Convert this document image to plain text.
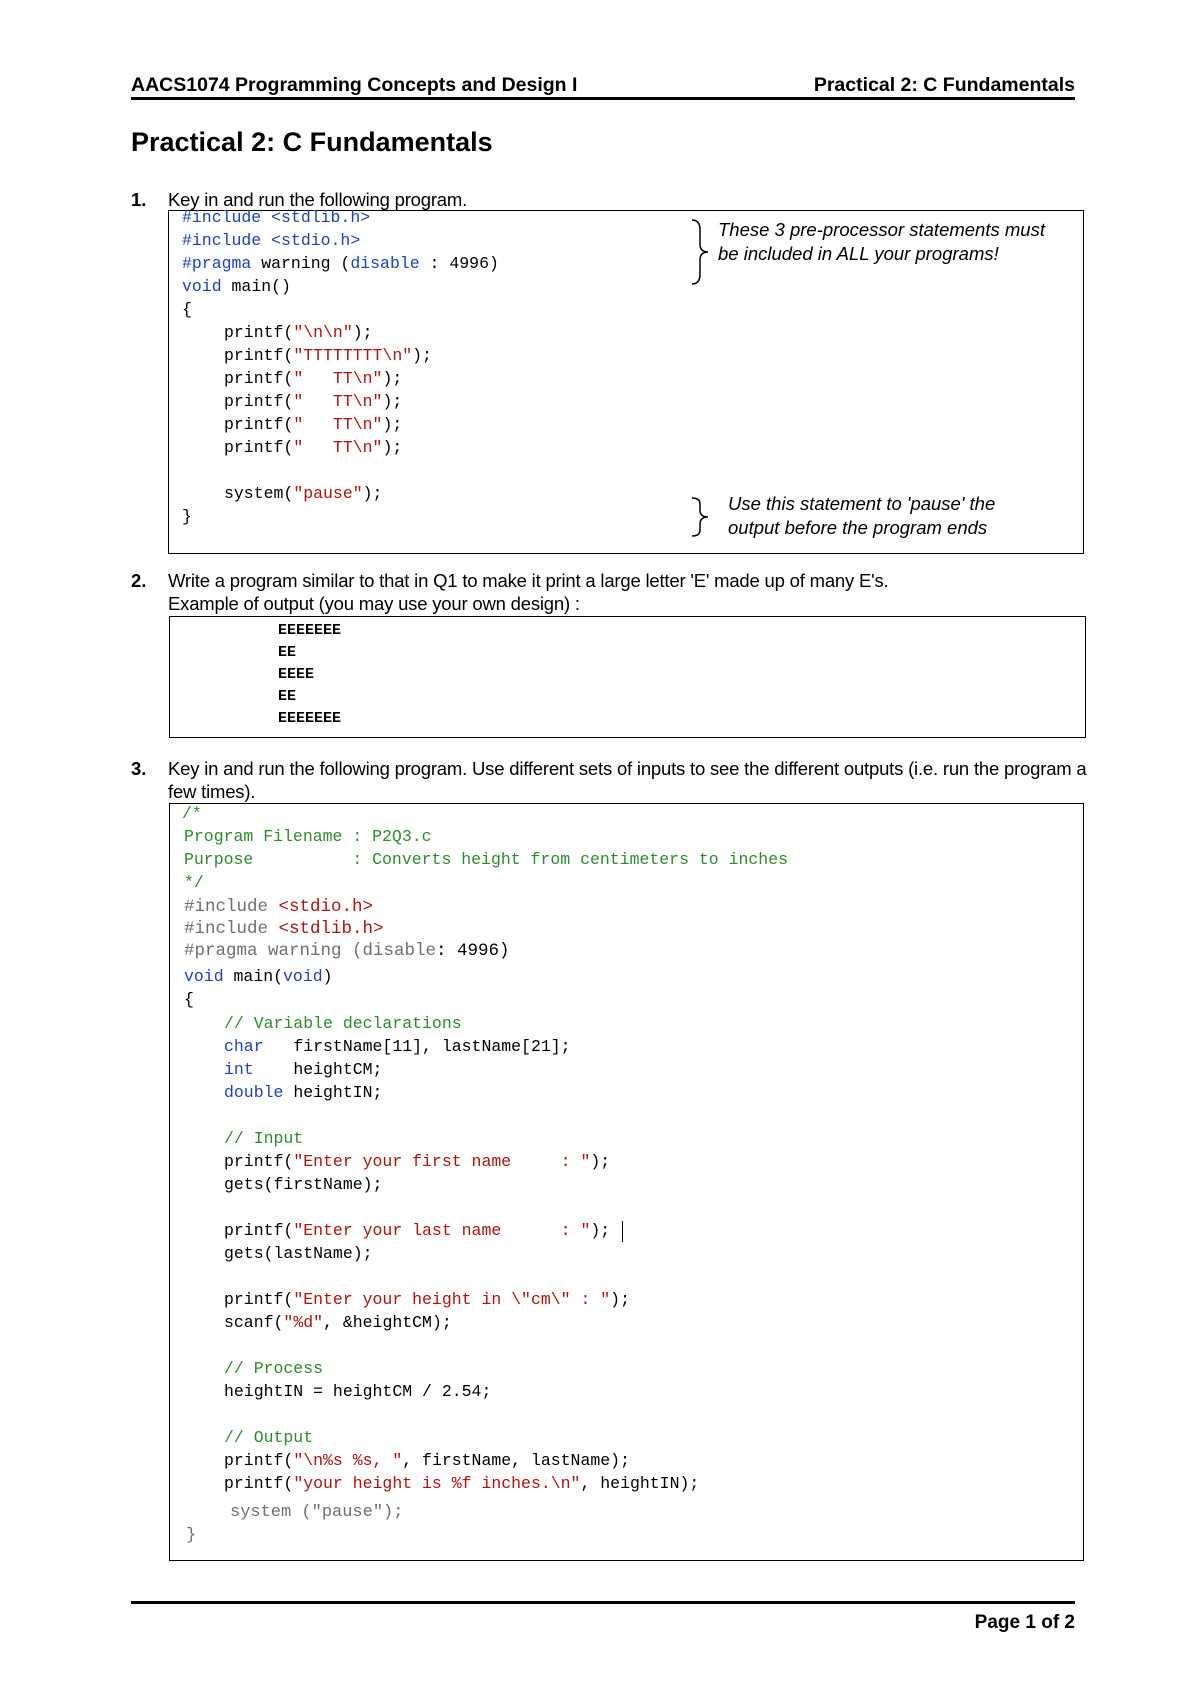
AACS1074 Programming Concepts and Design I	Practical 2: C Fundamentals
Practical 2: C Fundamentals
1. Key in and run the following program.
#include <stdlib.h>
#include <stdio.h>
#pragma warning (disable : 4996)
void main()
{
printf("\n\n");
printf("TTTTTTTT\n");
printf("   TT\n");
printf("   TT\n");
printf("   TT\n");
printf("   TT\n");
system("pause");
}
These 3 pre-processor statements must be included in ALL your programs!
Use this statement to 'pause' the output before the program ends
2. Write a program similar to that in Q1 to make it print a large letter 'E' made up of many E's.
Example of output (you may use your own design) :
EEEEEEE
EE
EEEE
EE
EEEEEEE
3. Key in and run the following program. Use different sets of inputs to see the different outputs (i.e. run the program a few times).
/*
Program Filename : P2Q3.c
Purpose          : Converts height from centimeters to inches
*/
#include <stdio.h>
#include <stdlib.h>
#pragma warning (disable: 4996)
void main(void)
{
// Variable declarations
char   firstName[11], lastName[21];
int    heightCM;
double heightIN;
// Input
printf("Enter your first name     : ");
gets(firstName);
printf("Enter your last name      : ");
gets(lastName);
printf("Enter your height in \"cm\" : ");
scanf("%d", &heightCM);
// Process
heightIN = heightCM / 2.54;
// Output
printf("\n%s %s, ", firstName, lastName);
printf("your height is %f inches.\n", heightIN);
system ("pause");
}
Page 1 of 2
